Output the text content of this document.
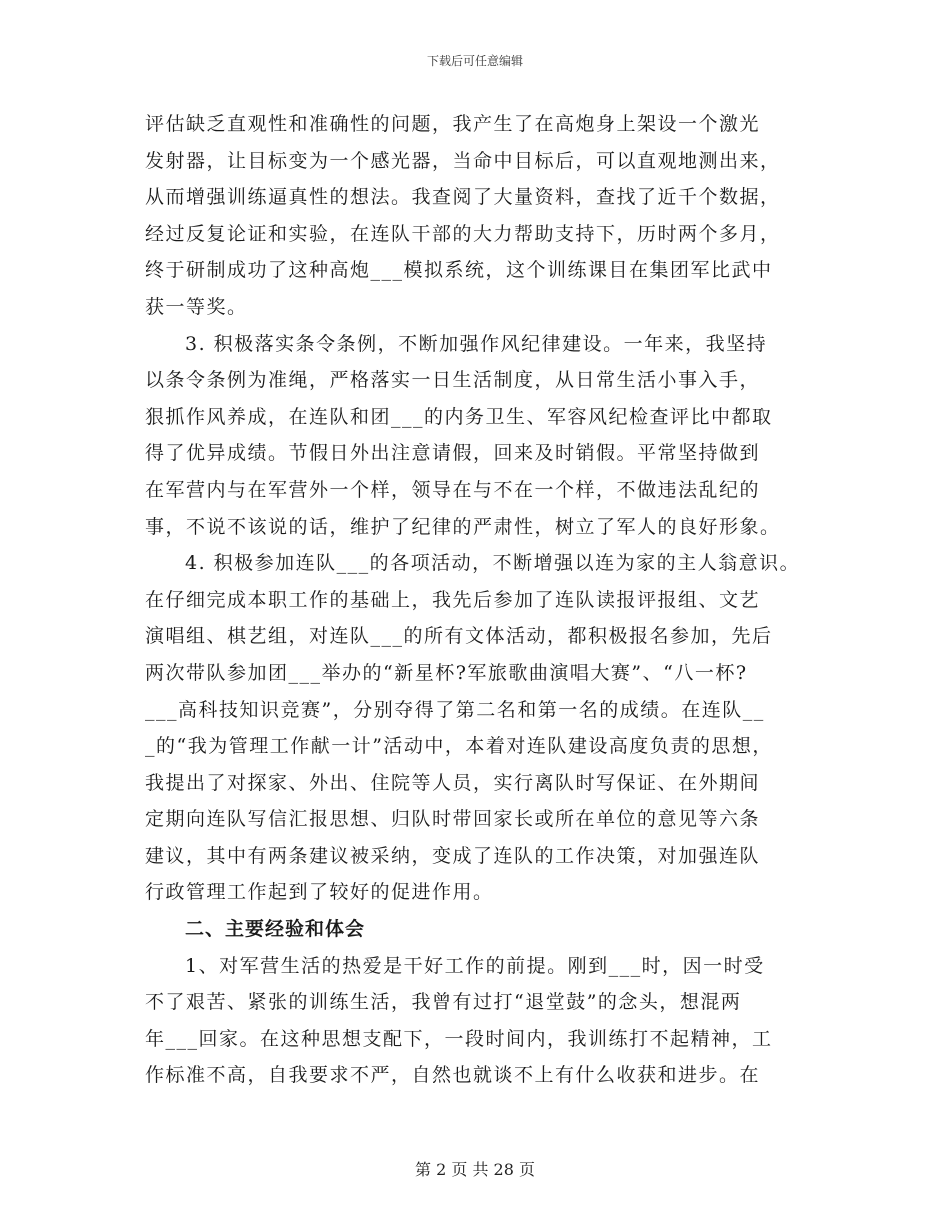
下载后可任意编辑
评估缺乏直观性和准确性的问题，我产生了在高炮身上架设一个激光
发射器，让目标变为一个感光器，当命中目标后，可以直观地测出来，
从而增强训练逼真性的想法。我查阅了大量资料，查找了近千个数据，
经过反复论证和实验，在连队干部的大力帮助支持下，历时两个多月，
终于研制成功了这种高炮___模拟系统，这个训练课目在集团军比武中
获一等奖。
3. 积极落实条令条例，不断加强作风纪律建设。一年来，我坚持
以条令条例为准绳，严格落实一日生活制度，从日常生活小事入手，
狠抓作风养成，在连队和团___的内务卫生、军容风纪检查评比中都取
得了优异成绩。节假日外出注意请假，回来及时销假。平常坚持做到
在军营内与在军营外一个样，领导在与不在一个样，不做违法乱纪的
事，不说不该说的话，维护了纪律的严肃性，树立了军人的良好形象。
4. 积极参加连队___的各项活动，不断增强以连为家的主人翁意识。
在仔细完成本职工作的基础上，我先后参加了连队读报评报组、文艺
演唱组、棋艺组，对连队___的所有文体活动，都积极报名参加，先后
两次带队参加团___举办的“新星杯?军旅歌曲演唱大赛”、“八一杯?
___高科技知识竞赛”，分别夺得了第二名和第一名的成绩。在连队__
_的“我为管理工作献一计”活动中，本着对连队建设高度负责的思想，
我提出了对探家、外出、住院等人员，实行离队时写保证、在外期间
定期向连队写信汇报思想、归队时带回家长或所在单位的意见等六条
建议，其中有两条建议被采纳，变成了连队的工作决策，对加强连队
行政管理工作起到了较好的促进作用。
二、主要经验和体会
1、对军营生活的热爱是干好工作的前提。刚到___时，因一时受
不了艰苦、紧张的训练生活，我曾有过打“退堂鼓”的念头，想混两
年___回家。在这种思想支配下，一段时间内，我训练打不起精神，工
作标准不高，自我要求不严，自然也就谈不上有什么收获和进步。在
第 2 页 共 28 页
